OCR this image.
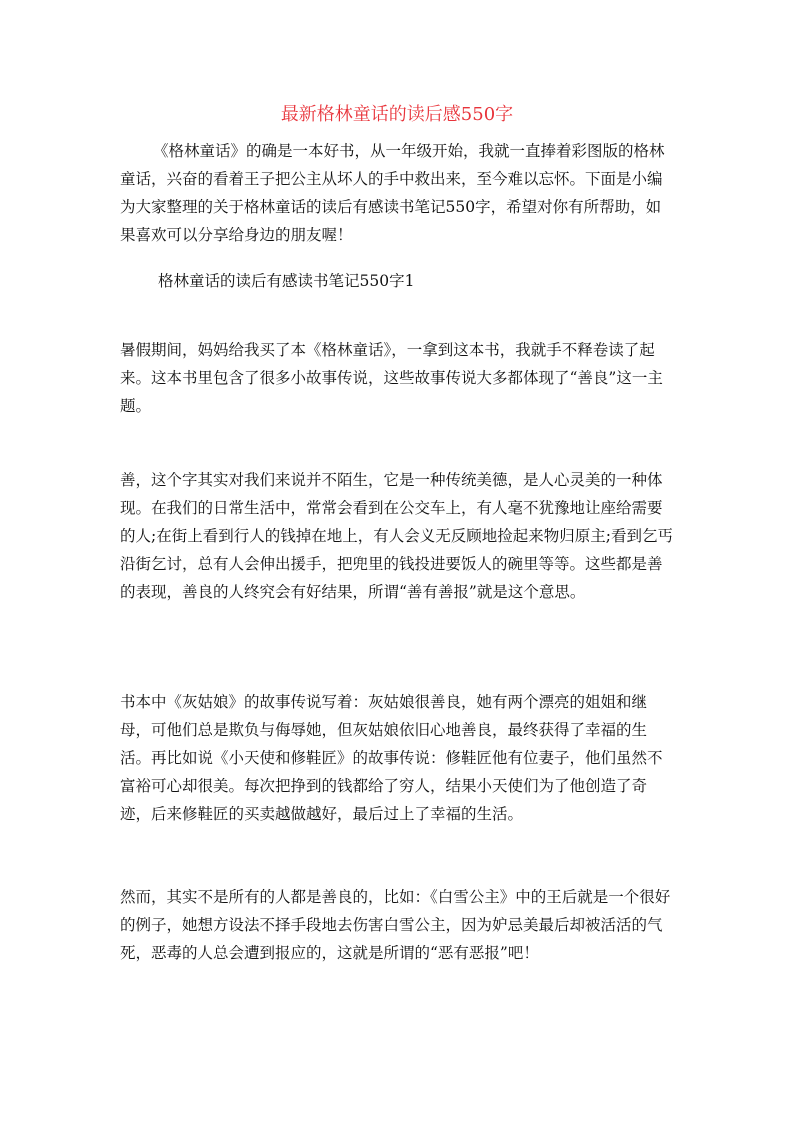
最新格林童话的读后感550字

《格林童话》的确是一本好书，从一年级开始，我就一直捧着彩图版的格林童话，兴奋的看着王子把公主从坏人的手中救出来，至今难以忘怀。下面是小编为大家整理的关于格林童话的读后有感读书笔记550字，希望对你有所帮助，如果喜欢可以分享给身边的朋友喔！

格林童话的读后有感读书笔记550字1

暑假期间，妈妈给我买了本《格林童话》，一拿到这本书，我就手不释卷读了起来。这本书里包含了很多小故事传说，这些故事传说大多都体现了“善良”这一主题。

善，这个字其实对我们来说并不陌生，它是一种传统美德，是人心灵美的一种体现。在我们的日常生活中，常常会看到在公交车上，有人毫不犹豫地让座给需要的人;在街上看到行人的钱掉在地上，有人会义无反顾地捡起来物归原主;看到乞丐沿街乞讨，总有人会伸出援手，把兜里的钱投进要饭人的碗里等等。这些都是善的表现，善良的人终究会有好结果，所谓“善有善报”就是这个意思。

书本中《灰姑娘》的故事传说写着：灰姑娘很善良，她有两个漂亮的姐姐和继母，可他们总是欺负与侮辱她，但灰姑娘依旧心地善良，最终获得了幸福的生活。再比如说《小天使和修鞋匠》的故事传说：修鞋匠他有位妻子，他们虽然不富裕可心却很美。每次把挣到的钱都给了穷人，结果小天使们为了他创造了奇迹，后来修鞋匠的买卖越做越好，最后过上了幸福的生活。

然而，其实不是所有的人都是善良的，比如：《白雪公主》中的王后就是一个很好的例子，她想方设法不择手段地去伤害白雪公主，因为妒忌美最后却被活活的气死，恶毒的人总会遭到报应的，这就是所谓的“恶有恶报”吧！
